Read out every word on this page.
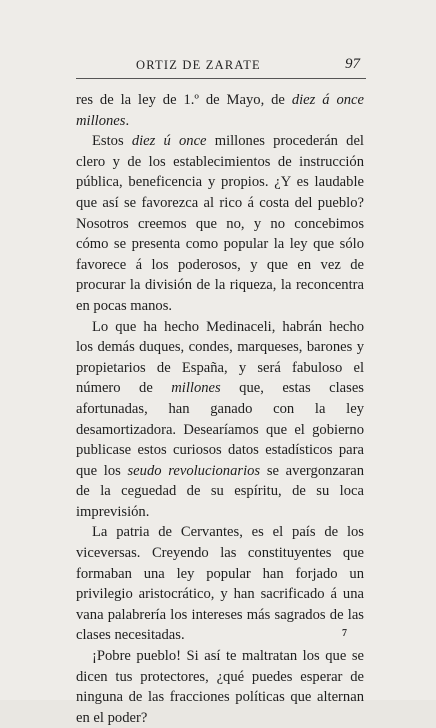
ORTIZ DE ZARATE	97

res de la ley de 1.º de Mayo, de diez á once millones.

Estos diez ú once millones procederán del clero y de los establecimientos de instrucción pública, beneficencia y propios. ¿Y es laudable que así se favorezca al rico á costa del pueblo? Nosotros creemos que no, y no concebimos cómo se presenta como popular la ley que sólo favorece á los poderosos, y que en vez de procurar la división de la riqueza, la reconcentra en pocas manos.

Lo que ha hecho Medinaceli, habrán hecho los demás duques, condes, marqueses, barones y propietarios de España, y será fabuloso el número de millones que, estas clases afortunadas, han ganado con la ley desamortizadora. Desearíamos que el gobierno publicase estos curiosos datos estadísticos para que los seudo revolucionarios se avergonzaran de la ceguedad de su espíritu, de su loca imprevisión.

La patria de Cervantes, es el país de los viceversas. Creyendo las constituyentes que formaban una ley popular han forjado un privilegio aristocrático, y han sacrificado á una vana palabrería los intereses más sagrados de las clases necesitadas.

¡Pobre pueblo! Si así te maltratan los que se dicen tus protectores, ¿qué puedes esperar de ninguna de las fracciones políticas que alternan en el poder?

7
